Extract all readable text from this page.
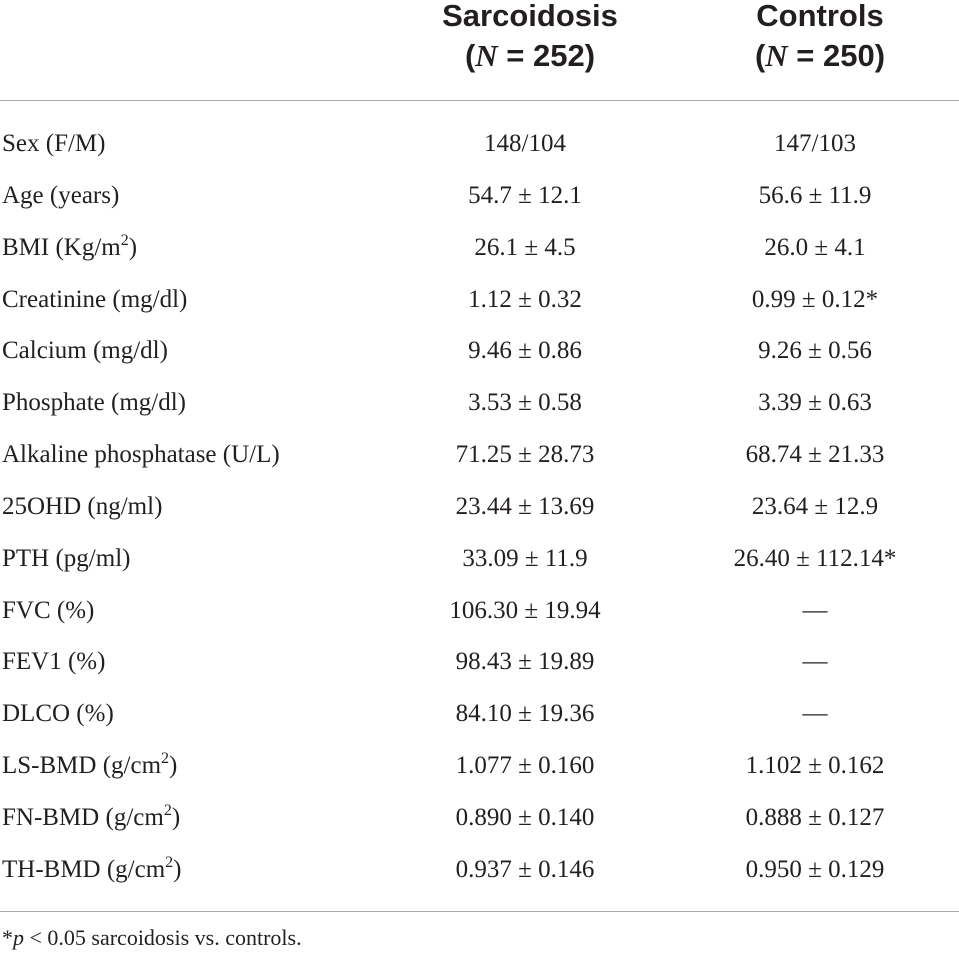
Sarcoidosis
(N = 252)
Controls
(N = 250)
Sex (F/M)	148/104	147/103
Age (years)	54.7 ± 12.1	56.6 ± 11.9
BMI $(Kg/m^2)$	26.1 ± 4.5	26.0 ± 4.1
Creatinine (mg/dl)	1.12 ± 0.32	0.99 ± 0.12*
Calcium (mg/dl)	9.46 ± 0.86	9.26 ± 0.56
Phosphate (mg/dl)	3.53 ± 0.58	3.39 ± 0.63
Alkaline phosphatase (U/L)	71.25 ± 28.73	68.74 ± 21.33
25OHD (ng/ml)	23.44 ± 13.69	23.64 ± 12.9
PTH (pg/ml)	33.09 ± 11.9	26.40 ± 112.14*
FVC (%)	106.30 ± 19.94	—
FEV1 (%)	98.43 ± 19.89	—
DLCO (%)	84.10 ± 19.36	—
LS-BMD $(g/cm^2)$	1.077 ± 0.160	1.102 ± 0.162
FN-BMD $(g/cm^2)$	0.890 ± 0.140	0.888 ± 0.127
TH-BMD $(g/cm^2)$	0.937 ± 0.146	0.950 ± 0.129
*p < 0.05 sarcoidosis vs. controls.
